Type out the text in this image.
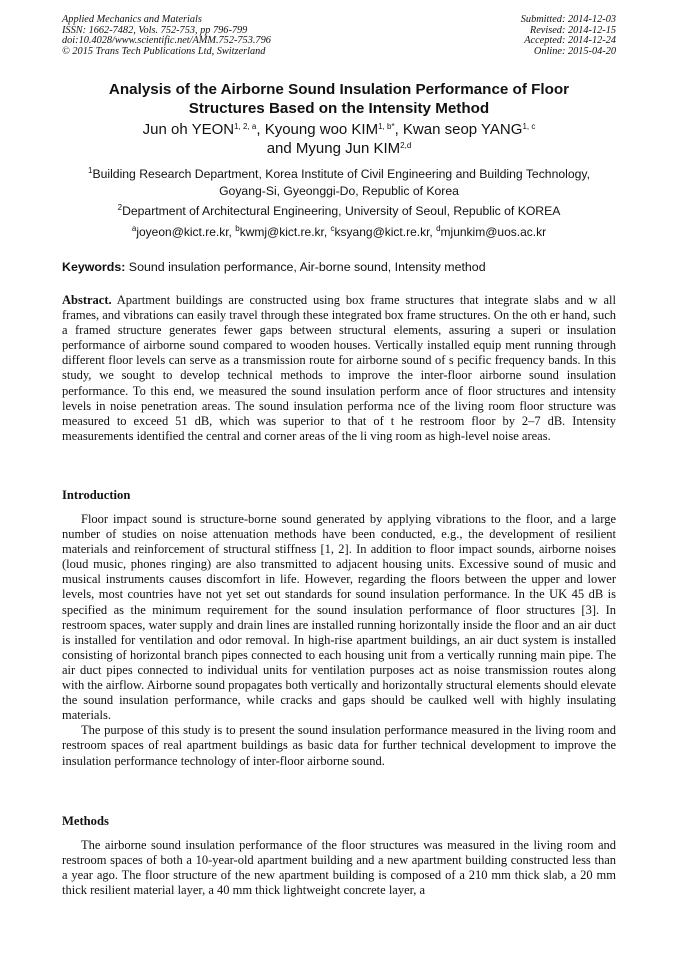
Applied Mechanics and Materials
ISSN: 1662-7482, Vols. 752-753, pp 796-799
doi:10.4028/www.scientific.net/AMM.752-753.796
© 2015 Trans Tech Publications Ltd, Switzerland
Submitted: 2014-12-03
Revised: 2014-12-15
Accepted: 2014-12-24
Online: 2015-04-20
Analysis of the Airborne Sound Insulation Performance of Floor
Structures Based on the Intensity Method
Jun oh YEON$^{1, 2, a}$, Kyoung woo $KIM^{1, b*}$, Kwan seop YANG$^{1, c}$
and Myung Jun KIM$^{2,d}$
$^1$Building Research Department, Korea Institute of Civil Engineering and Building Technology,
Goyang-Si, Gyeonggi-Do, Republic of Korea
$^2$Department of Architectural Engineering, University of Seoul, Republic of KOREA
$^a$joyeon@kict.re.kr, $^b$kwmj@kict.re.kr, $^c$ksyang@kict.re.kr, $^d$mjunkim@uos.ac.kr
Keywords: Sound insulation performance, Air-borne sound, Intensity method

Abstract. Apartment buildings are constructed using box frame structures that integrate slabs and w all frames, and vibrations can easily travel through these integrated box frame structures. On the oth er hand, such a framed structure generates fewer gaps between structural elements, assuring a superi or insulation performance of airborne sound compared to wooden houses. Vertically installed equip ment running through different floor levels can serve as a transmission route for airborne sound of s pecific frequency bands. In this study, we sought to develop technical methods to improve the inter-floor airborne sound insulation performance. To this end, we measured the sound insulation perform ance of floor structures and intensity levels in noise penetration areas. The sound insulation performa nce of the living room floor structure was measured to exceed 51 dB, which was superior to that of t he restroom floor by 2–7 dB. Intensity measurements identified the central and corner areas of the li ving room as high-level noise areas.

Introduction

Floor impact sound is structure-borne sound generated by applying vibrations to the floor, and a large number of studies on noise attenuation methods have been conducted, e.g., the development of resilient materials and reinforcement of structural stiffness [1, 2]. In addition to floor impact sounds, airborne noises (loud music, phones ringing) are also transmitted to adjacent housing units. Excessive sound of music and musical instruments causes discomfort in life. However, regarding the floors between the upper and lower levels, most countries have not yet set out standards for sound insulation performance. In the UK 45 dB is specified as the minimum requirement for the sound insulation performance of floor structures [3]. In restroom spaces, water supply and drain lines are installed running horizontally inside the floor and an air duct is installed for ventilation and odor removal. In high-rise apartment buildings, an air duct system is installed consisting of horizontal branch pipes connected to each housing unit from a vertically running main pipe. The air duct pipes connected to individual units for ventilation purposes act as noise transmission routes along with the airflow. Airborne sound propagates both vertically and horizontally structural elements should elevate the sound insulation performance, while cracks and gaps should be caulked well with highly insulating materials.

The purpose of this study is to present the sound insulation performance measured in the living room and restroom spaces of real apartment buildings as basic data for further technical development to improve the insulation performance technology of inter-floor airborne sound.

Methods

The airborne sound insulation performance of the floor structures was measured in the living room and restroom spaces of both a 10-year-old apartment building and a new apartment building constructed less than a year ago. The floor structure of the new apartment building is composed of a 210 mm thick slab, a 20 mm thick resilient material layer, a 40 mm thick lightweight concrete layer, a
